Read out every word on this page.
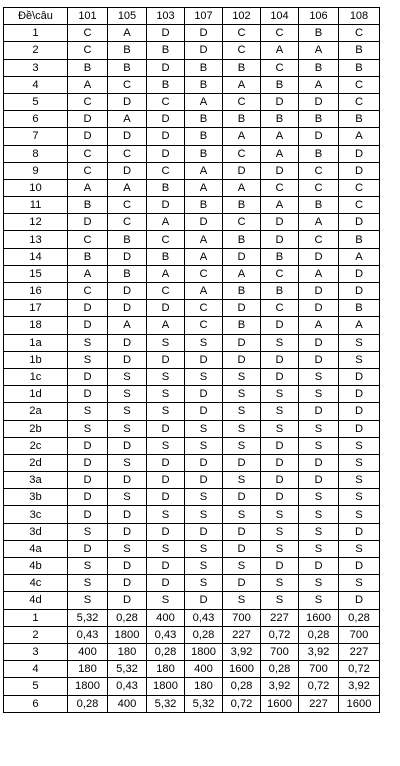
Đề\câu	101	105	103	107	102	104	106	108
1	C	A	D	D	C	C	B	C
2	C	B	B	D	C	A	A	B
3	B	B	D	B	B	C	B	B
4	A	C	B	B	A	B	A	C
5	C	D	C	A	C	D	D	C
6	D	A	D	B	B	B	B	B
7	D	D	D	B	A	A	D	A
8	C	C	D	B	C	A	B	D
9	C	D	C	A	D	D	C	D
10	A	A	B	A	A	C	C	C
11	B	C	D	B	B	A	B	C
12	D	C	A	D	C	D	A	D
13	C	B	C	A	B	D	C	B
14	B	D	B	A	D	B	D	A
15	A	B	A	C	A	C	A	D
16	C	D	C	A	B	B	D	D
17	D	D	D	C	D	C	D	B
18	D	A	A	C	B	D	A	A
1a	S	D	S	S	D	S	D	S
1b	S	D	D	D	D	D	D	S
1c	D	S	S	S	S	D	S	D
1d	D	S	S	D	S	S	S	D
2a	S	S	S	D	S	S	D	D
2b	S	S	D	S	S	S	S	D
2c	D	D	S	S	S	D	S	S
2d	D	S	D	D	D	D	D	S
3a	D	D	D	D	S	D	D	S
3b	D	S	D	S	D	D	S	S
3c	D	D	S	S	S	S	S	S
3d	S	D	D	D	D	S	S	D
4a	D	S	S	S	D	S	S	S
4b	S	D	D	S	S	D	D	D
4c	S	D	D	S	D	S	S	S
4d	S	D	S	D	S	S	S	D
1	5,32	0,28	400	0,43	700	227	1600	0,28
2	0,43	1800	0,43	0,28	227	0,72	0,28	700
3	400	180	0,28	1800	3,92	700	3,92	227
4	180	5,32	180	400	1600	0,28	700	0,72
5	1800	0,43	1800	180	0,28	3,92	0,72	3,92
6	0,28	400	5,32	5,32	0,72	1600	227	1600
